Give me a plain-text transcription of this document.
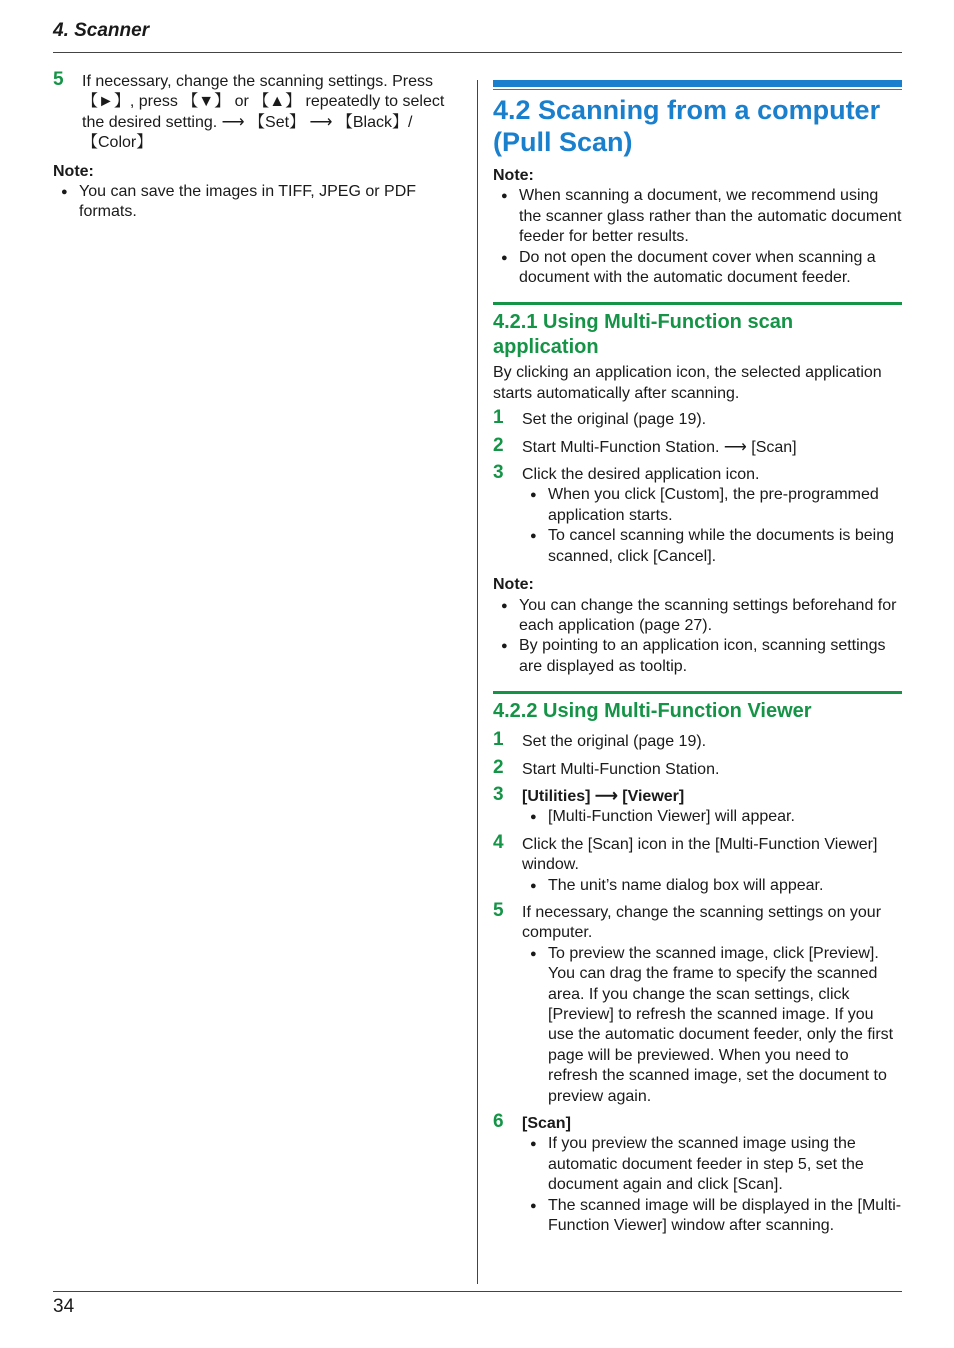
4. Scanner
5 If necessary, change the scanning settings. Press 【►】, press 【▼】 or 【▲】 repeatedly to select the desired setting. ⟶ 【Set】 ⟶ 【Black】/【Color】
Note:
● You can save the images in TIFF, JPEG or PDF formats.
4.2 Scanning from a computer (Pull Scan)
Note:
● When scanning a document, we recommend using the scanner glass rather than the automatic document feeder for better results.
● Do not open the document cover when scanning a document with the automatic document feeder.
4.2.1 Using Multi-Function scan application
By clicking an application icon, the selected application starts automatically after scanning.
1 Set the original (page 19).
2 Start Multi-Function Station. ⟶ [Scan]
3 Click the desired application icon.
● When you click [Custom], the pre-programmed application starts.
● To cancel scanning while the documents is being scanned, click [Cancel].
Note:
● You can change the scanning settings beforehand for each application (page 27).
● By pointing to an application icon, scanning settings are displayed as tooltip.
4.2.2 Using Multi-Function Viewer
1 Set the original (page 19).
2 Start Multi-Function Station.
3 [Utilities] ⟶ [Viewer]
● [Multi-Function Viewer] will appear.
4 Click the [Scan] icon in the [Multi-Function Viewer] window.
● The unit’s name dialog box will appear.
5 If necessary, change the scanning settings on your computer.
● To preview the scanned image, click [Preview]. You can drag the frame to specify the scanned area. If you change the scan settings, click [Preview] to refresh the scanned image. If you use the automatic document feeder, only the first page will be previewed. When you need to refresh the scanned image, set the document to preview again.
6 [Scan]
● If you preview the scanned image using the automatic document feeder in step 5, set the document again and click [Scan].
● The scanned image will be displayed in the [Multi-Function Viewer] window after scanning.
34
